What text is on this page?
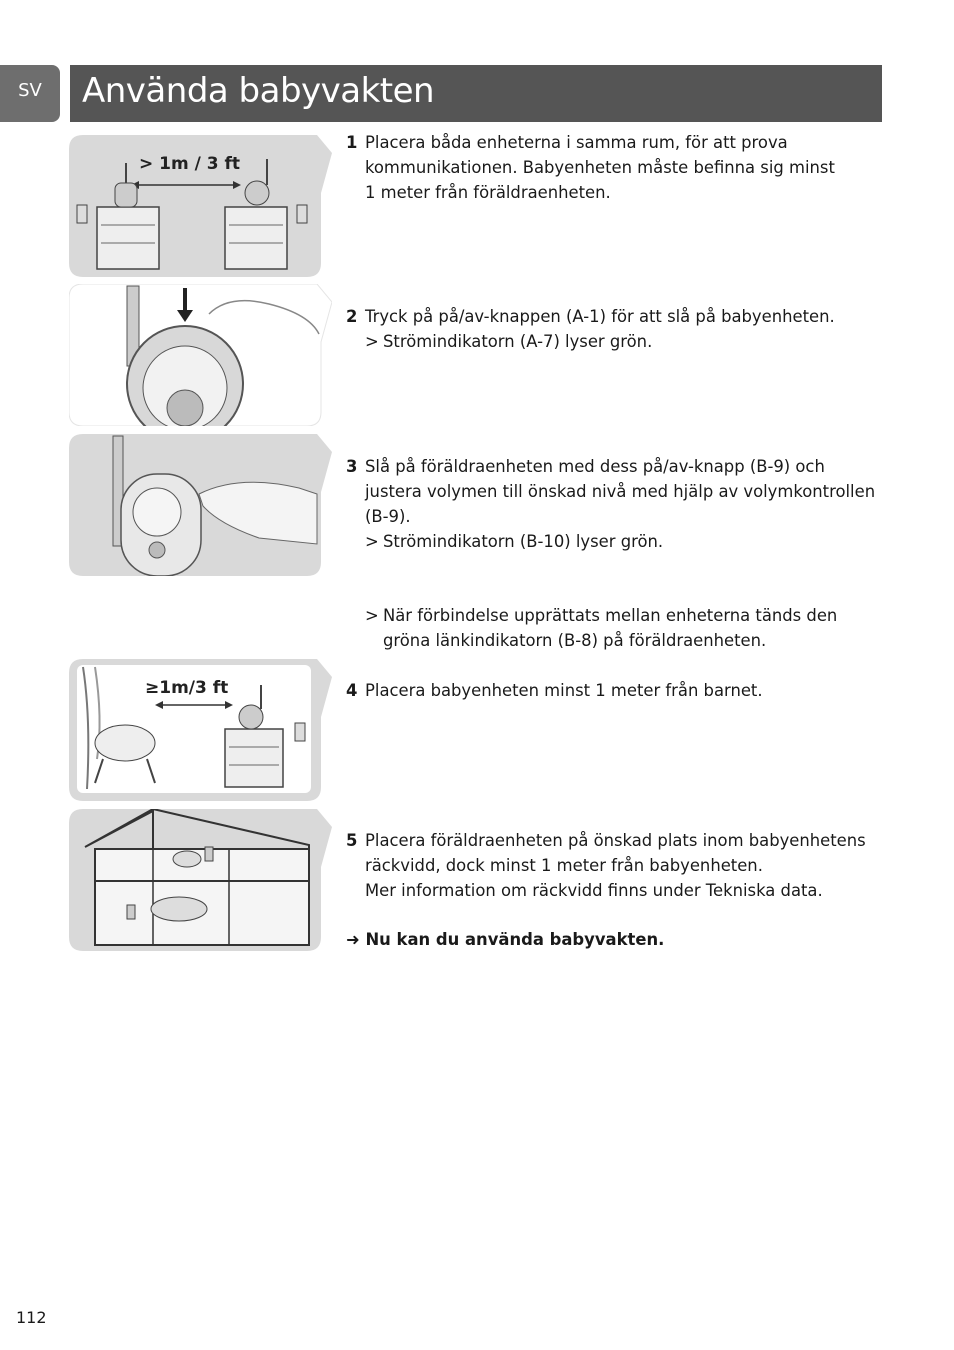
SV Använda babyvakten
> 1m / 3 ft
≥1m/3 ft
1 Placera båda enheterna i samma rum, för att prova
kommunikationen. Babyenheten måste befinna sig minst
1 meter från föräldraenheten.
2 Tryck på på/av-knappen (A-1) för att slå på babyenheten.
> Strömindikatorn (A-7) lyser grön.
3 Slå på föräldraenheten med dess på/av-knapp (B-9) och
justera volymen till önskad nivå med hjälp av volymkontrollen
(B-9).
> Strömindikatorn (B-10) lyser grön.
> När förbindelse upprättats mellan enheterna tänds den
gröna länkindikatorn (B-8) på föräldraenheten.
4 Placera babyenheten minst 1 meter från barnet.
5 Placera föräldraenheten på önskad plats inom babyenhetens
räckvidd, dock minst 1 meter från babyenheten.
Mer information om räckvidd finns under Tekniska data.
➜ Nu kan du använda babyvakten.
112
